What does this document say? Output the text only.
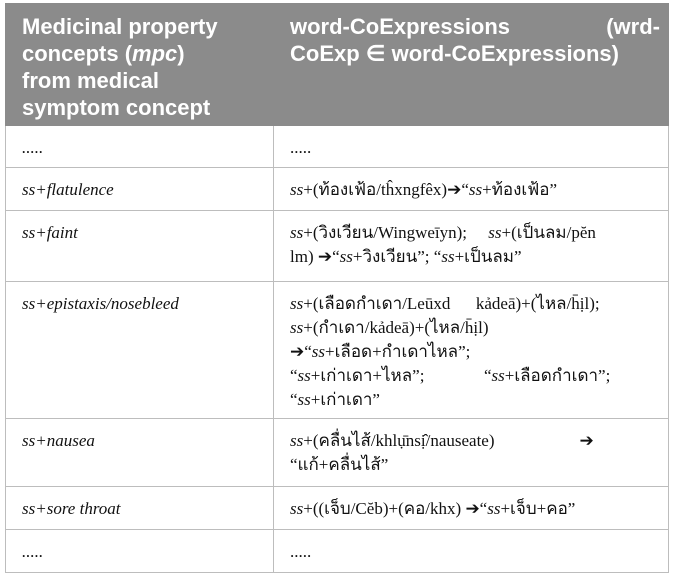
Medicinal property
concepts (mpc)
from medical
symptom concept	word-CoExpressions (wrd-
CoExp ∈ word-CoExpressions)

.....	.....

ss+flatulence	ss+(ท้องเฟ้อ/tĥxngfêx)➔“ss+ท้องเฟ้อ”

ss+faint	ss+(วิงเวียน/Wingweīyn);     ss+(เป็นลม/pĕn
lm) ➔“ss+วิงเวียน”; “ss+เป็นลม”

ss+epistaxis/nosebleed	ss+(เลือดกำเดา/Leūxd      kảdeā)+(ไหล/h̄ịl);
ss+(กำเดา/kảdeā)+(ไหล/h̄ịl)
➔“ss+เลือด+กำเดาไหล”;
“ss+เก่าเดา+ไหล”;              “ss+เลือดกำเดา”;
“ss+เก่าเดา”

ss+nausea	ss+(คลื่นไส้/khlụ̄nsị̂/nauseate)                    ➔
“แก้+คลื่นไส้”

ss+sore throat	ss+((เจ็บ/Cĕb)+(คอ/khx) ➔“ss+เจ็บ+คอ”

.....	.....
